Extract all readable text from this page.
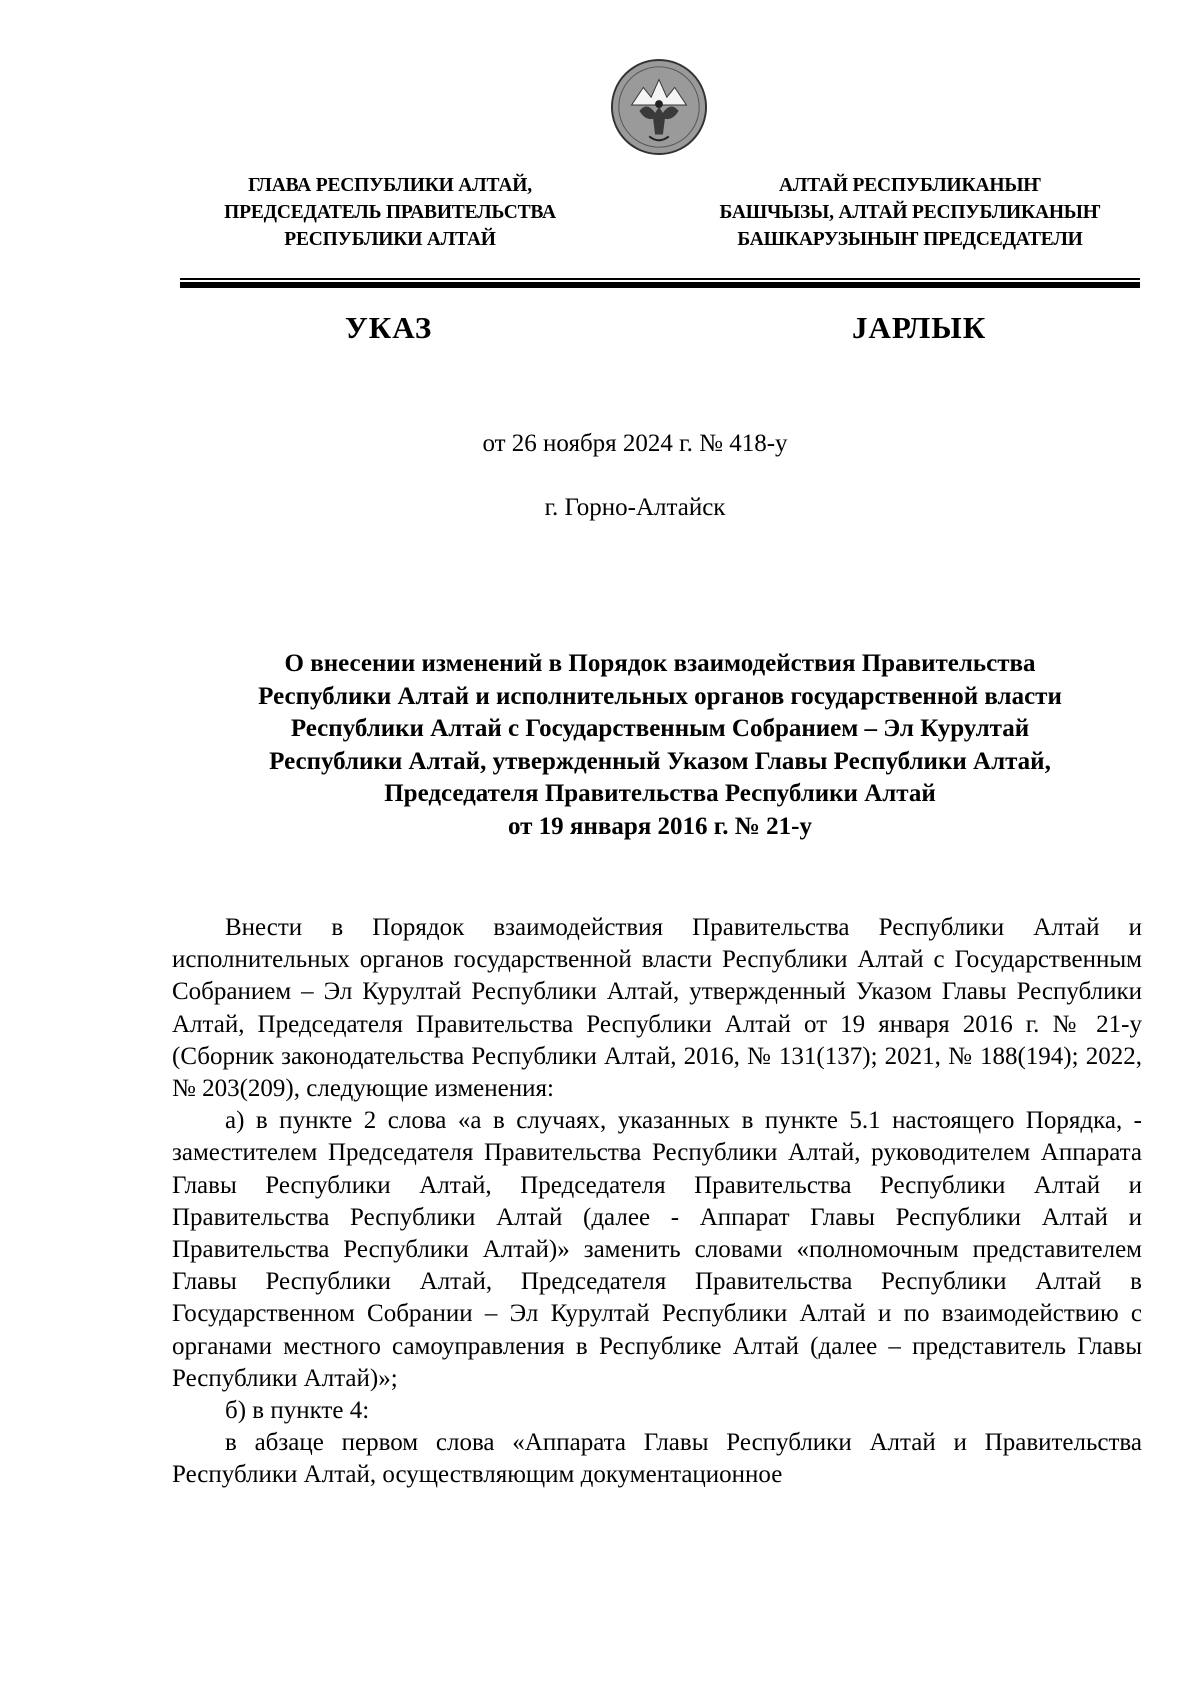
ГЛАВА РЕСПУБЛИКИ АЛТАЙ,
ПРЕДСЕДАТЕЛЬ ПРАВИТЕЛЬСТВА
РЕСПУБЛИКИ АЛТАЙ
АЛТАЙ РЕСПУБЛИКАНЫҤ
БАШЧЫЗЫ, АЛТАЙ РЕСПУБЛИКАНЫҤ
БАШКАРУЗЫНЫҤ ПРЕДСЕДАТЕЛИ
УКАЗ	ЈАРЛЫК
от 26 ноября 2024 г. № 418-у
г. Горно-Алтайск
О внесении изменений в Порядок взаимодействия Правительства
Республики Алтай и исполнительных органов государственной власти
Республики Алтай с Государственным Собранием – Эл Курултай
Республики Алтай, утвержденный Указом Главы Республики Алтай,
Председателя Правительства Республики Алтай
от 19 января 2016 г. № 21-у

Внести в Порядок взаимодействия Правительства Республики Алтай и исполнительных органов государственной власти Республики Алтай с Государственным Собранием – Эл Курултай Республики Алтай, утвержденный Указом Главы Республики Алтай, Председателя Правительства Республики Алтай от 19 января 2016 г. № 21-у (Сборник законодательства Республики Алтай, 2016, № 131(137); 2021, № 188(194); 2022, № 203(209), следующие изменения:

а) в пункте 2 слова «а в случаях, указанных в пункте 5.1 настоящего Порядка, - заместителем Председателя Правительства Республики Алтай, руководителем Аппарата Главы Республики Алтай, Председателя Правительства Республики Алтай и Правительства Республики Алтай (далее - Аппарат Главы Республики Алтай и Правительства Республики Алтай)» заменить словами «полномочным представителем Главы Республики Алтай, Председателя Правительства Республики Алтай в Государственном Собрании – Эл Курултай Республики Алтай и по взаимодействию с органами местного самоуправления в Республике Алтай (далее – представитель Главы Республики Алтай)»;

б) в пункте 4:

в абзаце первом слова «Аппарата Главы Республики Алтай и Правительства Республики Алтай, осуществляющим документационное
